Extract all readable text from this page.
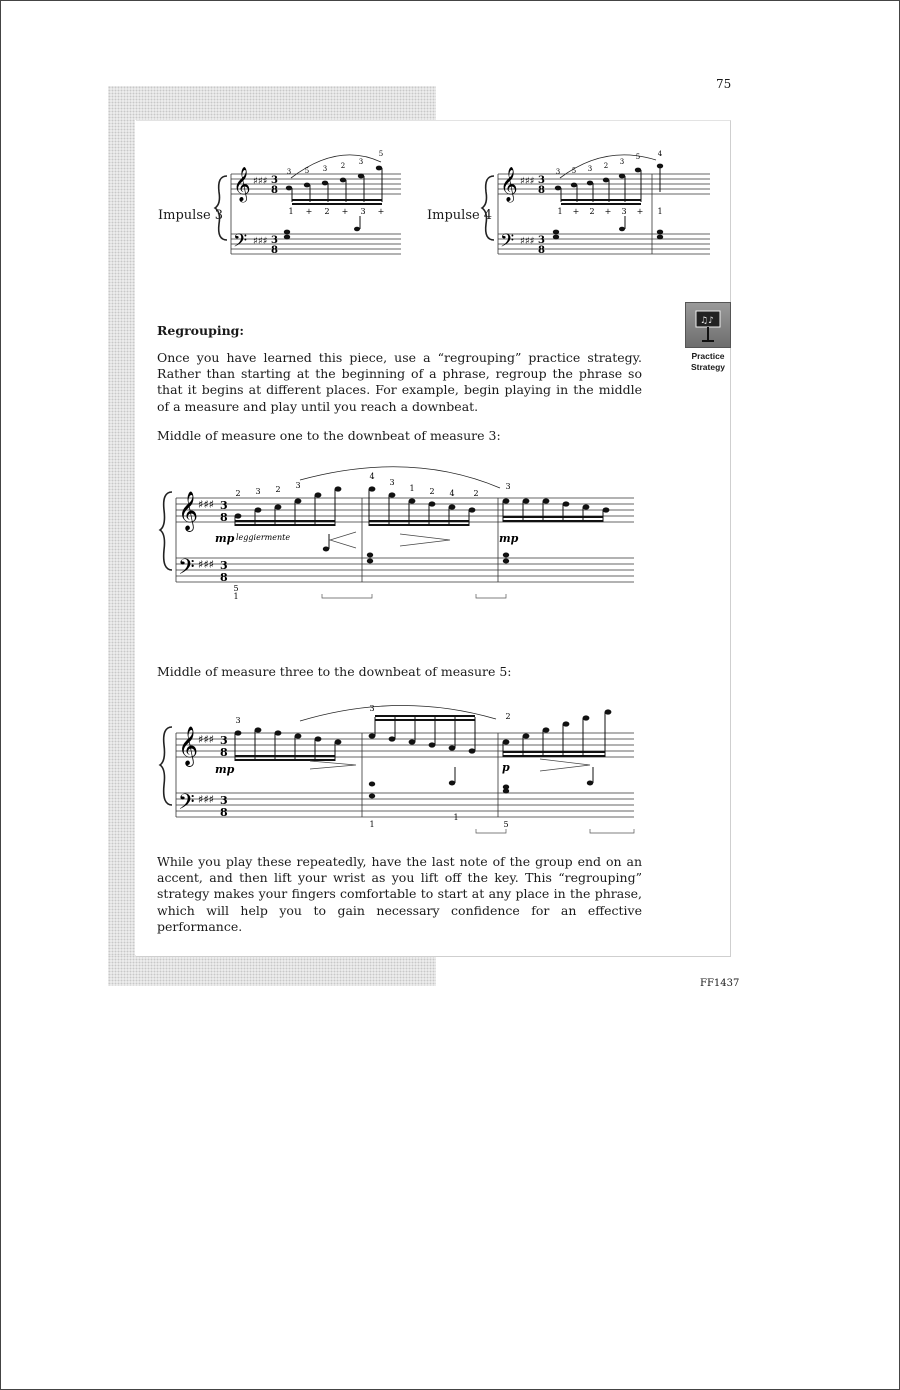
75
FF1437
Impulse 3
𝄞
𝄢
♯♯♯
♯♯♯
3
8
3
8
3 5 3 2 3
5
1 + 2 + 3 +	Impulse 4
𝄞
𝄢
♯♯♯
♯♯♯
3
8
3
8
3 5 3 2 3
5	4
1 + 2 + 3 + 1
♫♪
Practice
Strategy
Regrouping:

Once you have learned this piece, use a “regrouping” practice strategy. Rather than starting at the beginning of a phrase, regroup the phrase so that it begins at different places. For example, begin playing in the middle of a measure and play until you reach a downbeat.

Middle of measure one to the downbeat of measure 3:
𝄞
𝄢
♯♯♯
♯♯♯
3
8
3
8
2 3 2 3
4
3
1 2 4 2
3
mp leggiermente	mp
5
1
Middle of measure three to the downbeat of measure 5:
𝄞
𝄢
♯♯♯
♯♯♯
3
8
3
8
3
3
2
mp	p
1
1
5

While you play these repeatedly, have the last note of the group end on an accent, and then lift your wrist as you lift off the key. This “regrouping” strategy makes your fingers comfortable to start at any place in the phrase, which will help you to gain necessary confidence for an effective performance.
